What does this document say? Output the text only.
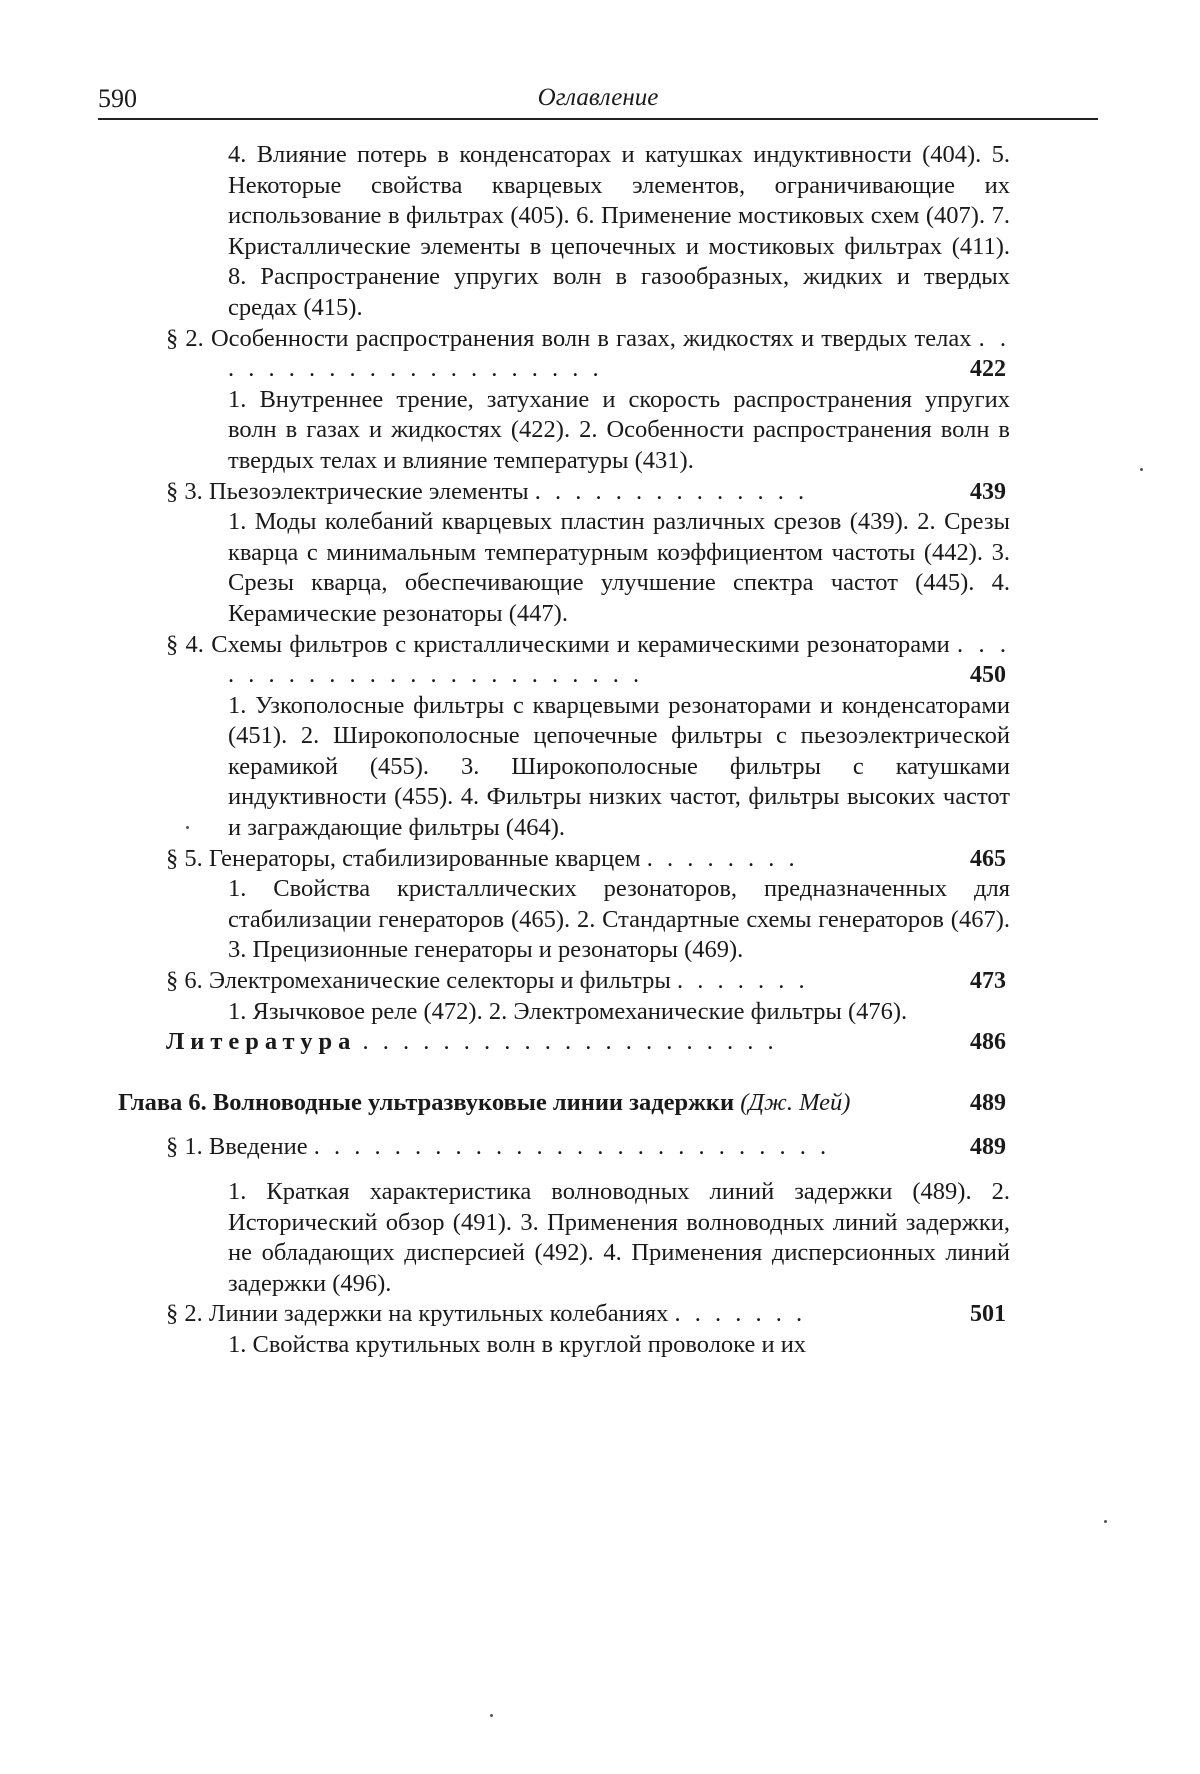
590	Оглавление
4. Влияние потерь в конденсаторах и катушках индуктивности (404). 5. Некоторые свойства кварцевых элементов, ограничивающие их использование в фильтрах (405). 6. Применение мостиковых схем (407). 7. Кристаллические элементы в цепочечных и мостиковых фильтрах (411). 8. Распространение упругих волн в газообразных, жидких и твердых средах (415).
§ 2. Особенности распространения волн в газах, жидкостях и твердых телах . . . . . . . . . . . . . . . . . . . . .	422
1. Внутреннее трение, затухание и скорость распространения упругих волн в газах и жидкостях (422). 2. Особенности распространения волн в твердых телах и влияние температуры (431).
§ 3. Пьезоэлектрические элементы . . . . . . . . . . . . . .	439
1. Моды колебаний кварцевых пластин различных срезов (439). 2. Срезы кварца с минимальным температурным коэффициентом частоты (442). 3. Срезы кварца, обеспечивающие улучшение спектра частот (445). 4. Керамические резонаторы (447).
§ 4. Схемы фильтров с кристаллическими и керамическими резонаторами . . . . . . . . . . . . . . . . . . . . . . . .	450
1. Узкополосные фильтры с кварцевыми резонаторами и конденсаторами (451). 2. Широкополосные цепочечные фильтры с пьезоэлектрической керамикой (455). 3. Широкополосные фильтры с катушками индуктивности (455). 4. Фильтры низких частот, фильтры высоких частот и заграждающие фильтры (464).
§ 5. Генераторы, стабилизированные кварцем . . . . . . . .	465
1. Свойства кристаллических резонаторов, предназначенных для стабилизации генераторов (465). 2. Стандартные схемы генераторов (467). 3. Прецизионные генераторы и резонаторы (469).
§ 6. Электромеханические селекторы и фильтры . . . . . . .	473
1. Язычковое реле (472). 2. Электромеханические фильтры (476).
Литература . . . . . . . . . . . . . . . . . . . . .	486
Глава 6. Волноводные ультразвуковые линии задержки (Дж. Мей)	489
§ 1. Введение . . . . . . . . . . . . . . . . . . . . . . . . . .	489
1. Краткая характеристика волноводных линий задержки (489). 2. Исторический обзор (491). 3. Применения волноводных линий задержки, не обладающих дисперсией (492). 4. Применения дисперсионных линий задержки (496).
§ 2. Линии задержки на крутильных колебаниях . . . . . . .	501
1. Свойства крутильных волн в круглой проволоке и их
